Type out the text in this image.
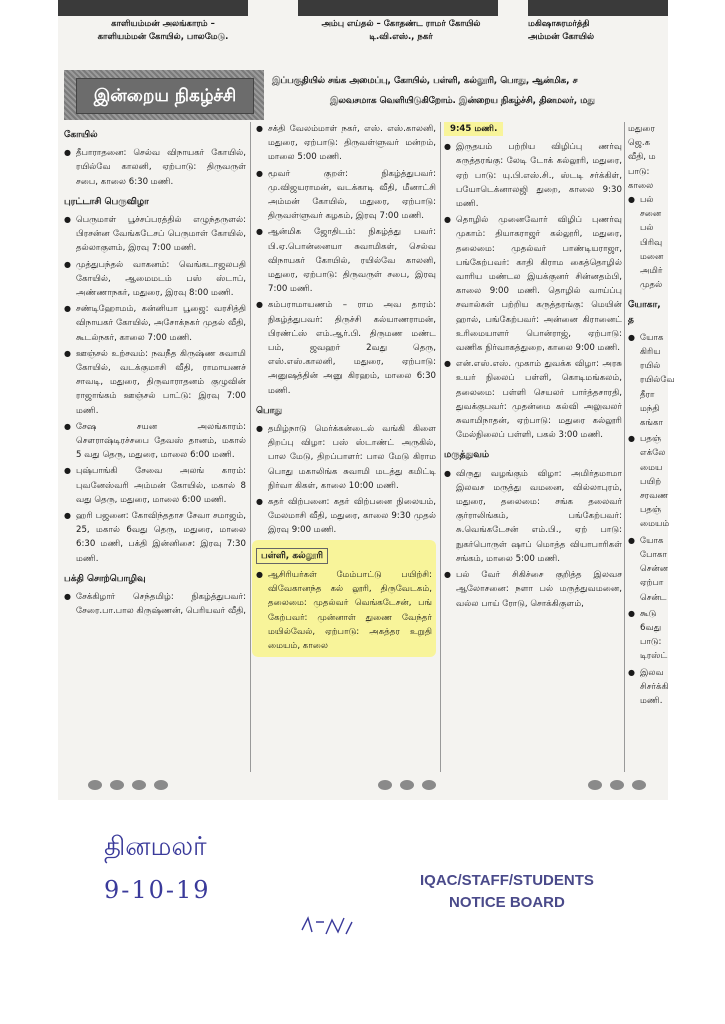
காளியம்மன் அலங்காரம் –
காளியம்மன் கோயில், பாலமேடு.
அம்பு எய்தல் – கோதண்ட ராமர் கோயில்
டி.வி.எஸ்., நகர்
மகிஷாசுரமர்த்தி
அம்மன் கோயில்
இன்றைய நிகழ்ச்சி
இப்பகுதியில் சங்க அமைப்பு, கோயில், பள்ளி, கல்லூரி, பொது, ஆன்மிக, ச
இலவசமாக வெளியிடுகிறோம். இன்றைய நிகழ்ச்சி, தினமலர், மது
கோயில்
● தீபாராதனை: செல்வ விநாயகர் கோயில், ரயில்வே காலனி, ஏற்பாடு: திருவருள் சபை, காலை 6:30 மணி.
புரட்டாசி பெருவிழா
● பெருமாள் பூச்சப்பரத்தில் எழுந்தருளல்: பிரசன்ன வேங்கடேசப் பெருமாள் கோயில், தல்லாகுளம், இரவு 7:00 மணி.
● முத்துபந்தல் வாகனம்: வெங்கடாஜலபதி கோயில், ஆமைமடம் பஸ் ஸ்டாப், அண்ணாநகர், மதுரை, இரவு 8:00 மணி.
● சண்டிஹோமம், கன்னியா பூஜை: வரசித்தி விநாயகர் கோயில், அசோக்நகர் முதல் வீதி, கூடல்நகர், காலை 7:00 மணி.
● ஊஞ்சல் உற்சவம்: நவநீத கிருஷ்ண சுவாமி கோயில், வடக்குமாசி வீதி, ராமாயணச் சாவடி, மதுரை, திருவாராதனம் குழுவின் ராஜாங்கம் ஊஞ்சல் பாட்டு: இரவு 7:00 மணி.
● சேஷ சயன அலங்காரம்: சௌராஷ்டிரச்சபை தேவஸ் தானம், மகால் 5 வது தெரு, மதுரை, மாலை 6:00 மணி.
● புஷ்பாங்கி சேவை அலங் காரம்: புவனேஸ்வரி அம்மன் கோயில், மகால் 8 வது தெரு, மதுரை, மாலை 6:00 மணி.
● ஹரி பஜனை: கோவிந்ததாச சேவா சமாஜம், 25, மகால் 6வது தெரு, மதுரை, மாலை 6:30 மணி, பக்தி இன்னிசை: இரவு 7:30 மணி.
பக்தி சொற்பொழிவு
● சேக்கிழார் செந்தமிழ்: நிகழ்த்துபவர்: சேரை.பா.பால கிருஷ்ணன், பெரியவர் வீதி,
● சக்தி வேலம்மாள் நகர், எஸ். எஸ்.காலனி, மதுரை, ஏற்பாடு: திருவள்ளுவர் மன்றம், மாலை 5:00 மணி.
● மூவர் குறள்: நிகழ்த்துபவர்: மு.விஜயராமன், வடக்காடி வீதி, மீனாட்சி அம்மன் கோயில், மதுரை, ஏற்பாடு: திருவள்ளுவர் கழகம், இரவு 7:00 மணி.
● ஆன்மிக ஜோதிடம்: நிகழ்த்து பவர்: பி.ஏ.பொன்னையா சுவாமிகள், செல்வ விநாயகர் கோயில், ரயில்வே காலனி, மதுரை, ஏற்பாடு: திருவருள் சபை, இரவு 7:00 மணி.
● கம்பராமாயணம் – ராம அவ தாரம்: நிகழ்த்துபவர்: திருச்சி கல்யாணராமன், பிரண்ட்ஸ் எம்.ஆர்.பி. திருமண மண்ட பம், ஜவஹர் 2வது தெரு, எஸ்.எஸ்.காலனி, மதுரை, ஏற்பாடு: அனுஷத்தின் அனு கிரஹம், மாலை 6:30 மணி.
பொது
● தமிழ்நாடு மெர்க்கன்டைல் வங்கி கிளை திறப்பு விழா: பஸ் ஸ்டாண்ட் அருகில், பால மேடு, திறப்பாளர்: பால மேடு கிராம பொது மகாலிங்க சுவாமி மடத்து கமிட்டி நிர்வா கிகள், காலை 10:00 மணி.
● கதர் விற்பனை: கதர் விற்பனை நிலையம், மேலமாசி வீதி, மதுரை, காலை 9:30 முதல் இரவு 9:00 மணி.
பள்ளி, கல்லூரி
● ஆசிரியர்கள் மேம்பாட்டு பயிற்சி: விவேகானந்த கல் லூரி, திருவேடகம், தலைமை: முதல்வர் வெங்கடேசன், பங் கேற்பவர்: முன்னாள் துணை வேந்தர் மயில்வேல், ஏற்பாடு: அகத்தர உறுதி மையம், காலை
9:45 மணி.
● இருதயம் பற்றிய விழிப்பு ணர்வு கருத்தரங்கு: லேடி டோக் கல்லூரி, மதுரை, ஏற் பாடு: யு.பி.எஸ்.சி., ஸ்டடி சர்க்கிள், பயோடெக்னாலஜி துறை, காலை 9:30 மணி.
● தொழில் முனைவோர் விழிப் புணர்வு முகாம்: தியாகராஜர் கல்லூரி, மதுரை, தலைமை: முதல்வர் பாண்டியராஜா, பங்கேற்பவர்: காதி கிராம கைத்தொழில் வாரிய மண்டல இயக்குனர் சின்னதம்பி, காலை 9:00 மணி. தொழில் வாய்ப்பு சவால்கள் பற்றிய கருத்தரங்கு: மெயின் ஹால், பங்கேற்பவர்: அன்னை கிரானைட் உரிமையாளர் பொன்ராஜ், ஏற்பாடு: வணிக நிர்வாகத்துறை, காலை 9:00 மணி.
● என்.எஸ்.எஸ். முகாம் துவக்க விழா: அரசு உயர் நிலைப் பள்ளி, கொடிமங்கலம், தலைமை: பள்ளி செயலர் பார்த்தசாரதி, துவக்குபவர்: முதன்மை கல்வி அலுவலர் சுவாமிநாதன், ஏற்பாடு: மதுரை கல்லூரி மேல்நிலைப் பள்ளி, பகல் 3:00 மணி.
மருத்துவம்
● விருது வழங்கும் விழா: அமிர்தமாமா இலவச மருத்து வமனை, வில்லாபுரம், மதுரை, தலைமை: சங்க தலைவர் குர்ராலிங்கம், பங்கேற்பவர்: சு.வெங்கடேசன் எம்.பி., ஏற் பாடு: நுகர்பொருள் ஷாப் மொத்த வியாபாரிகள் சங்கம், மாலை 5:00 மணி.
● பல் வேர் சிகிச்சை குறித்த இலவச ஆலோசனை: நளா பல் மருத்துவமனை, வல்ல பாய் ரோடு, சொக்கிகுளம்,
மதுரை
ஜெ.க
வீதி, ம
பாடு:
காலை
● பல் சனை பல் பிரிவு மனை அமிர் முதல்
யோகா, த
● யோக கிரிய ரயில் ரயில்வே தீரா மந்தி கங்கா
● பதஞ் எக்லே மைய பயிற் சரவண பதஞ் மையம்
● யோக போகா சென்ன ஏற்பா சென்ட
● கூடு 6வது பாடு: டிரஸ்ட்
● இலவ சிசர்க்கி மணி.
தினமலர்
9-10-19	IQAC/STAFF/STUDENTS
NOTICE BOARD
